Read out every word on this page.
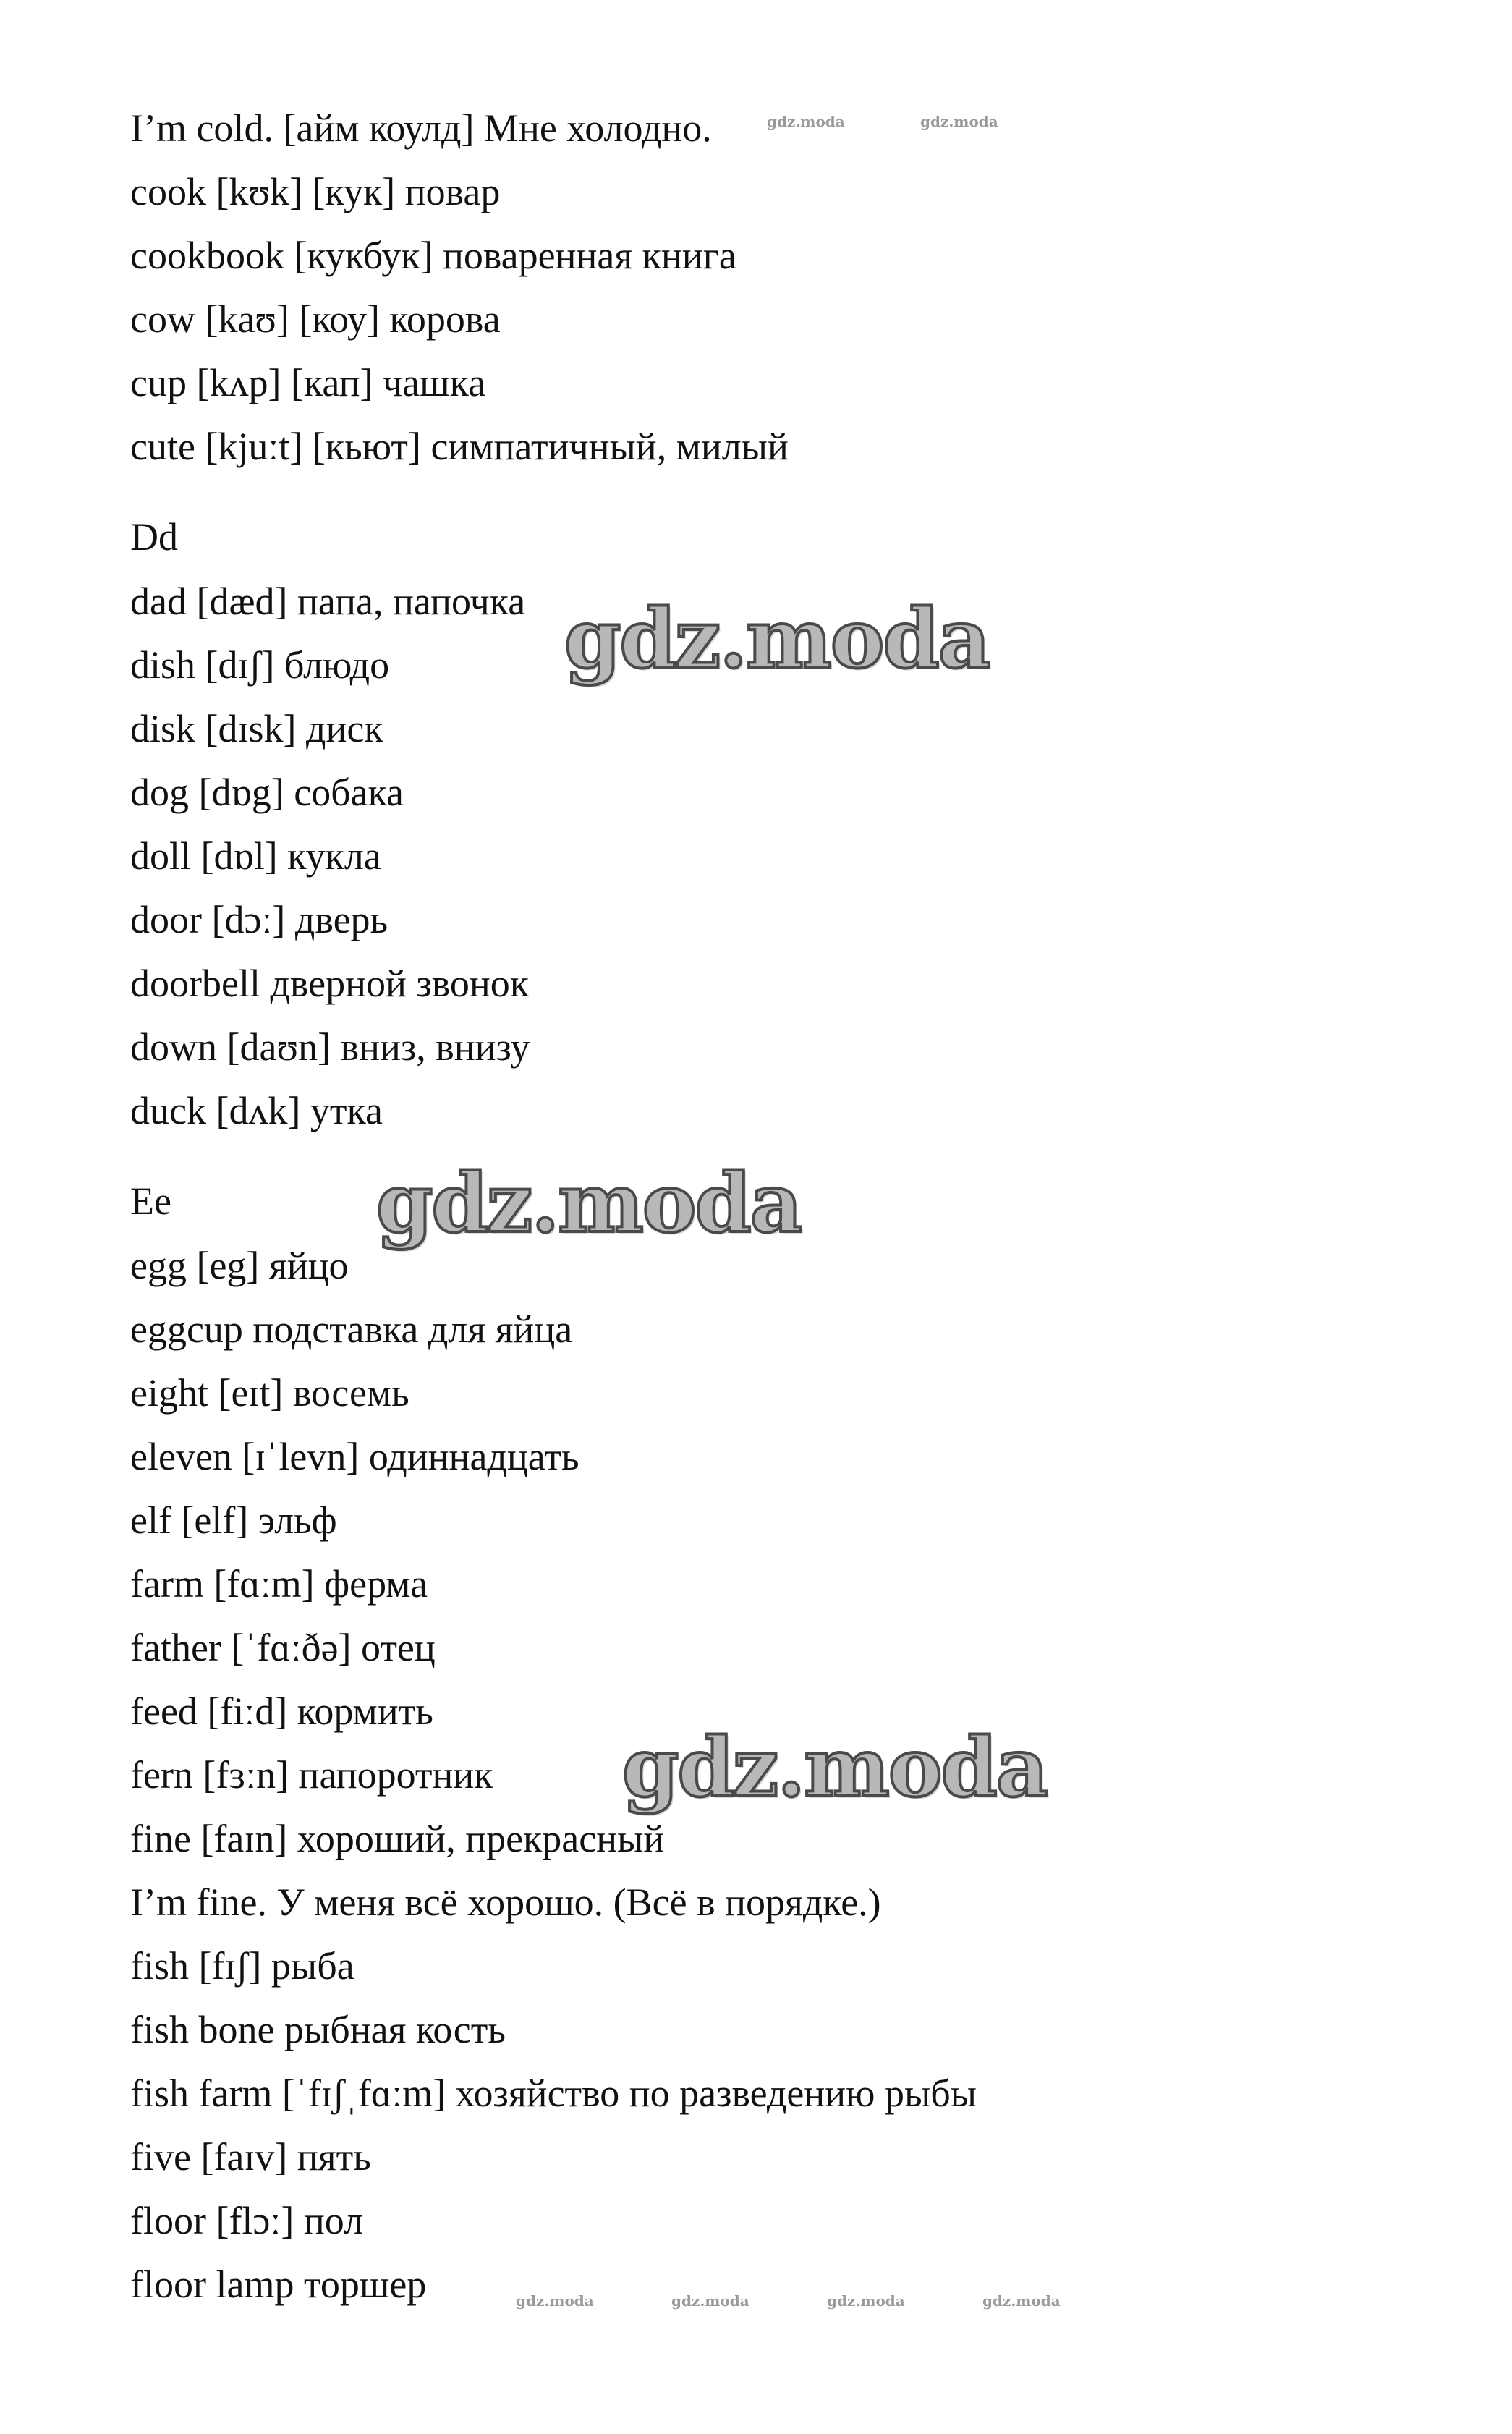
I’m cold. [айм коулд] Мне холодно.
cook [kʊk] [кук] повар
cookbook [кукбук] поваренная книга
cow [kaʊ] [коу] корова
cup [kʌp] [кап] чашка
cute [kjuːt] [кьют] симпатичный, милый
Dd
dad [dæd] папа, папочка
dish [dɪʃ] блюдо
disk [dɪsk] диск
dog [dɒg] собака
doll [dɒl] кукла
door [dɔː] дверь
doorbell дверной звонок
down [daʊn] вниз, внизу
duck [dʌk] утка
Ee
egg [eg] яйцо
eggcup подставка для яйца
eight [eɪt] восемь
eleven [ɪˈlevn] одиннадцать
elf [elf] эльф
farm [fɑːm] ферма
father [ˈfɑːðə] отец
feed [fiːd] кормить
fern [fɜːn] папоротник
fine [faɪn] хороший, прекрасный
I’m fine. У меня всё хорошо. (Всё в порядке.)
fish [fɪʃ] рыба
fish bone рыбная кость
fish farm [ˈfɪʃˌfɑːm] хозяйство по разведению рыбы
five [faɪv] пять
floor [flɔː] пол
floor lamp торшер
gdz.moda	gdz.moda
gdz.moda	gdz.moda	gdz.moda	gdz.moda
gdz.moda
gdz.moda
gdz.moda
